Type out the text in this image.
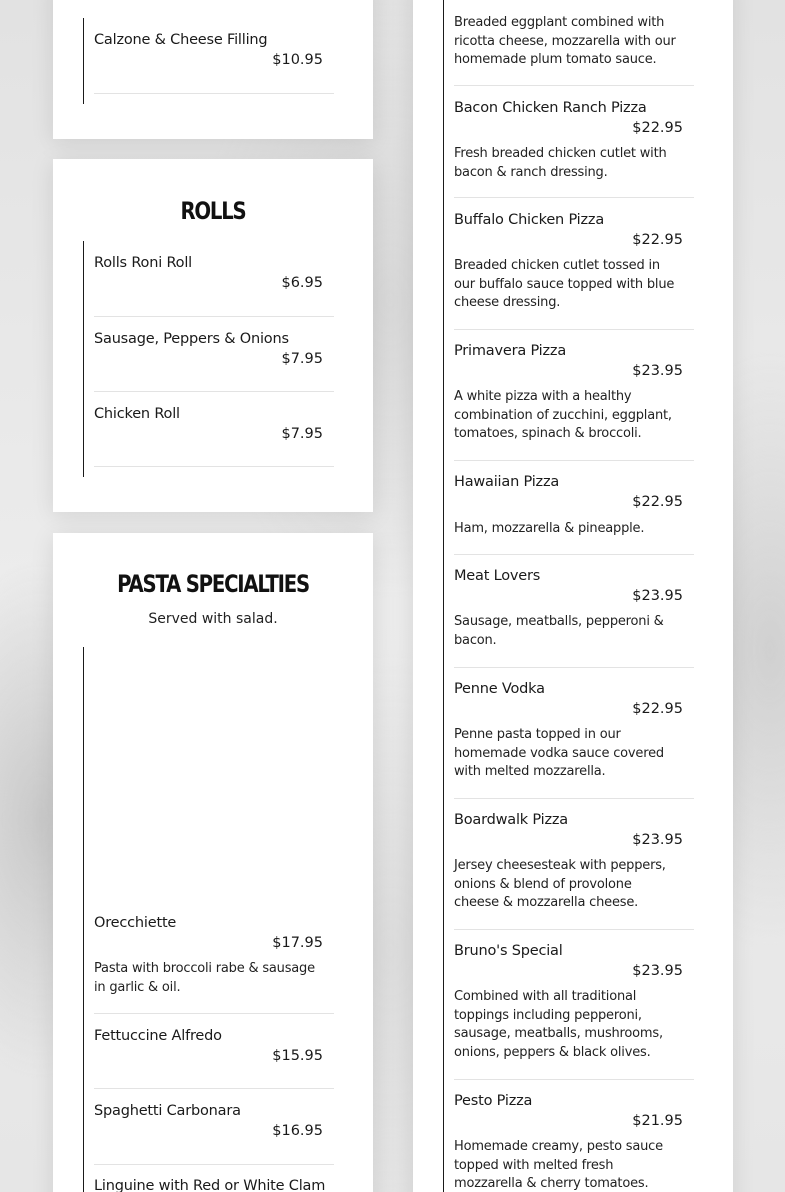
Calzone & Cheese Filling
$10.95
ROLLS
Rolls Roni Roll
$6.95
Sausage, Peppers & Onions
$7.95
Chicken Roll
$7.95
PASTA SPECIALTIES
Served with salad.
Orecchiette
$17.95
Pasta with broccoli rabe & sausage in garlic & oil.
Fettuccine Alfredo
$15.95
Spaghetti Carbonara
$16.95
Linguine with Red or White Clam
Breaded eggplant combined with ricotta cheese, mozzarella with our homemade plum tomato sauce.
Bacon Chicken Ranch Pizza
$22.95
Fresh breaded chicken cutlet with bacon & ranch dressing.
Buffalo Chicken Pizza
$22.95
Breaded chicken cutlet tossed in our buffalo sauce topped with blue cheese dressing.
Primavera Pizza
$23.95
A white pizza with a healthy combination of zucchini, eggplant, tomatoes, spinach & broccoli.
Hawaiian Pizza
$22.95
Ham, mozzarella & pineapple.
Meat Lovers
$23.95
Sausage, meatballs, pepperoni & bacon.
Penne Vodka
$22.95
Penne pasta topped in our homemade vodka sauce covered with melted mozzarella.
Boardwalk Pizza
$23.95
Jersey cheesesteak with peppers, onions & blend of provolone cheese & mozzarella cheese.
Bruno's Special
$23.95
Combined with all traditional toppings including pepperoni, sausage, meatballs, mushrooms, onions, peppers & black olives.
Pesto Pizza
$21.95
Homemade creamy, pesto sauce topped with melted fresh mozzarella & cherry tomatoes.
